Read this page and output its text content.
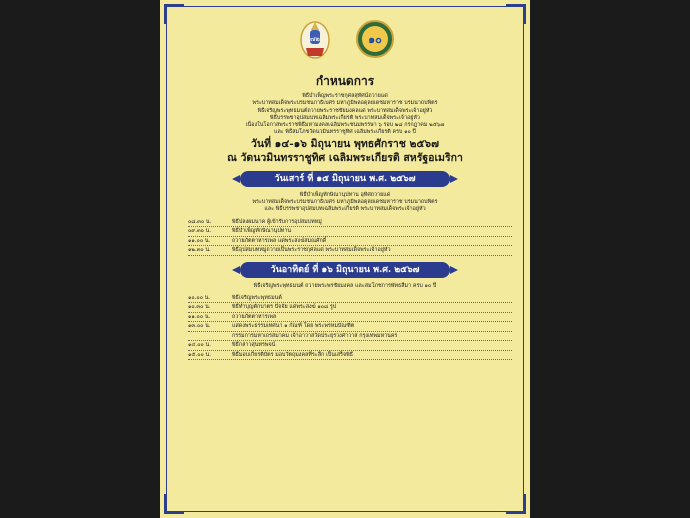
๗๒	๑๐
กำหนดการ
พิธีบำเพ็ญพระราชกุศลสุทัศน์ถวายแด่
พระบาทสมเด็จพระบรมชนกาธิเบศร มหาภูมิพลอดุลยเดชมหาราช บรมนาถบพิตร
พิธีเจริญพระพุทธมนต์ถวายพระราชชัยมงคลแด่ พระบาทสมเด็จพระเจ้าอยู่หัว
พิธีบรรพชาอุปสมบทเฉลิมพระเกียรติ พระบาทสมเด็จพระเจ้าอยู่หัว
เนื่องในโอกาสพระราชพิธีมหามงคลเฉลิมพระชนมพรรษา ๖ รอบ ๒๘ กรกฎาคม ๒๕๖๗
และ พิธีสมโภชวัดนวมินทรราชูทิศ เฉลิมพระเกียรติ ครบ ๑๐ ปี
วันที่ ๑๔-๑๖ มิถุนายน พุทธศักราช ๒๕๖๗
ณ วัดนวมินทรราชูทิศ เฉลิมพระเกียรติ สหรัฐอเมริกา
วันเสาร์ ที่ ๑๕ มิถุนายน พ.ศ. ๒๕๖๗
พิธีบำเพ็ญทักษิณานุปทาน อุทิศถวายแด่
พระบาทสมเด็จพระบรมชนกาธิเบศร มหาภูมิพลอดุลยเดชมหาราช บรมนาถบพิตร
และ พิธีบรรพชาอุปสมบทเฉลิมพระเกียรติ พระบาทสมเด็จพระเจ้าอยู่หัว
๐๘.๓๐ น.	พิธีปลงผมนาค ผู้เข้ารับการอุปสมบทหมู่
๐๙.๓๐ น.	พิธีบำเพ็ญทักษิณานุปทาน
๑๑.๐๐ น.	ถวายภัตตาหารเพล แด่พระสงฆ์สมณศักดิ์
๑๒.๓๐ น.	พิธีอุปสมบทหมู่ถวายเป็นพระราชกุศลแด่ พระบาทสมเด็จพระเจ้าอยู่หัว
วันอาทิตย์ ที่ ๑๖ มิถุนายน พ.ศ. ๒๕๖๗
พิธีเจริญพระพุทธมนต์ ถวายพระพรชัยมงคล และสมโภชการพัทธสีมา ครบ ๑๐ ปี
๑๐.๐๐ น.	พิธีเจริญพระพุทธมนต์
๑๐.๓๐ น.	พิธีทำบุญตักบาตร ปัจจัย แด่พระสงฆ์ ๑๐๘ รูป
๑๑.๐๐ น.	ถวายภัตตาหารเพล
๑๓.๐๐ น.	แสดงพระธรรมเทศนา ๑ กัณฑ์ โดย พระพรหมบัณฑิต
กรรมการมหาเถรสมาคม เจ้าอาวาสวัดประยุรวงศาวาส กรุงเทพมหานคร
๑๔.๐๐ น.	พิธีกล่าวสุนทรพจน์
๑๕.๐๐ น.	พิธีมอบเกียรติบัตร มอบวัตถุมงคลที่ระลึก เป็นเสร็จพิธี
